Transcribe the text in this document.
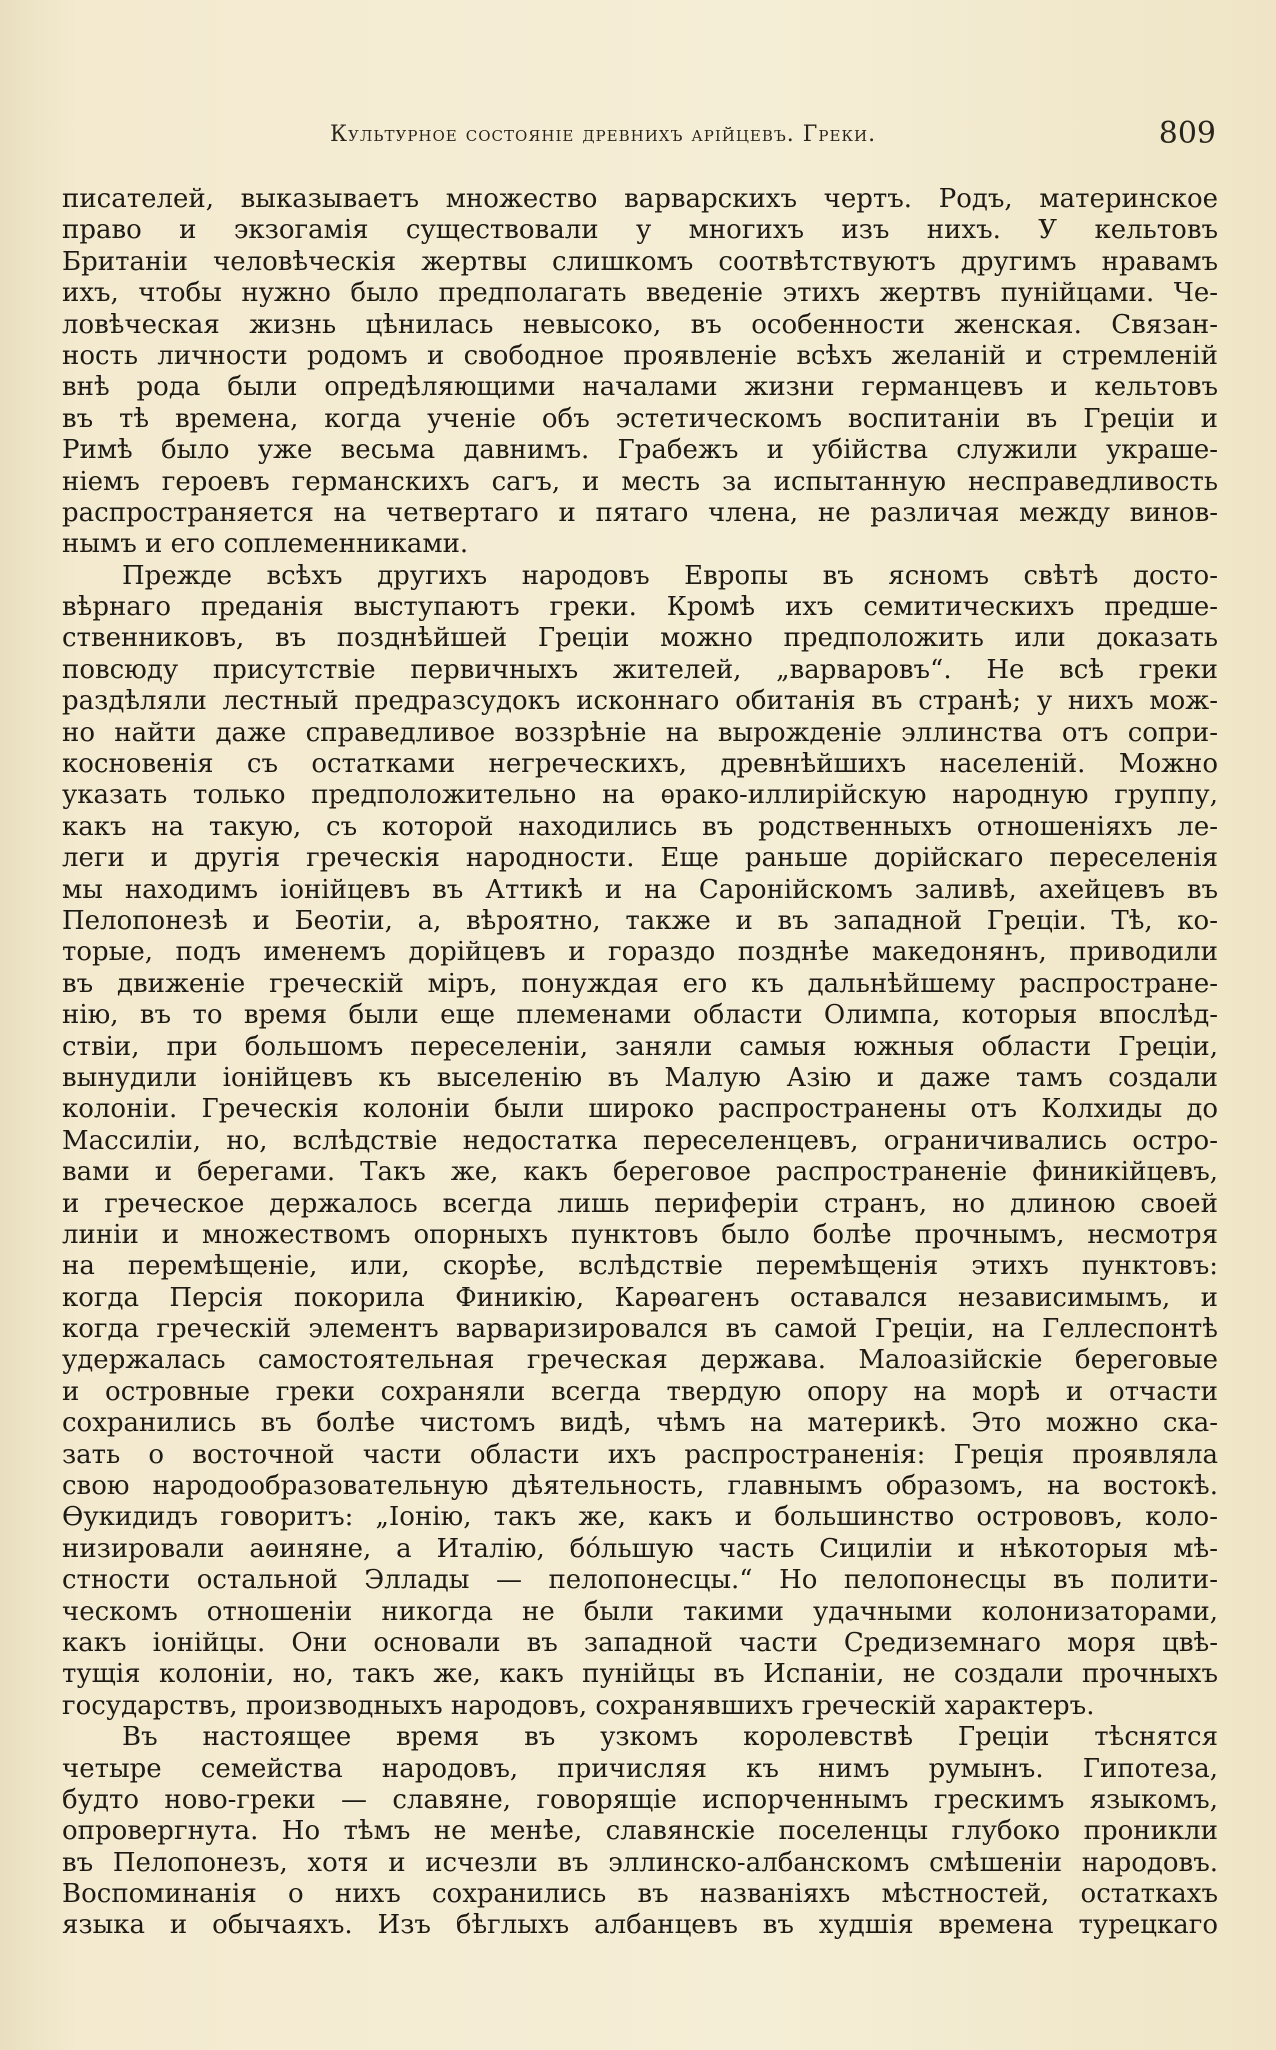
Культурное состоянiе древнихъ арiйцевъ. Греки.	809
писателей, выказываетъ множество варварскихъ чертъ. Родъ, материнское
право и экзогамiя существовали у многихъ изъ нихъ. У кельтовъ
Британiи человѣческiя жертвы слишкомъ соотвѣтствуютъ другимъ нравамъ
ихъ, чтобы нужно было предполагать введенiе этихъ жертвъ пунiйцами. Че-
ловѣческая жизнь цѣнилась невысоко, въ особенности женская. Связан-
ность личности родомъ и свободное проявленiе всѣхъ желанiй и стремленiй
внѣ рода были опредѣляющими началами жизни германцевъ и кельтовъ
въ тѣ времена, когда ученiе объ эстетическомъ воспитанiи въ Грецiи и
Римѣ было уже весьма давнимъ. Грабежъ и убiйства служили украше-
нiемъ героевъ германскихъ сагъ, и месть за испытанную несправедливость
распространяется на четвертаго и пятаго члена, не различая между винов-
нымъ и его соплеменниками.
Прежде всѣхъ другихъ народовъ Европы въ ясномъ свѣтѣ досто-
вѣрнаго преданiя выступаютъ греки. Кромѣ ихъ семитическихъ предше-
ственниковъ, въ позднѣйшей Грецiи можно предположить или доказать
повсюду присутствiе первичныхъ жителей, „варваровъ“. Не всѣ греки
раздѣляли лестный предразсудокъ исконнаго обитанiя въ странѣ; у нихъ мож-
но найти даже справедливое воззрѣнiе на вырожденiе эллинства отъ сопри-
косновенiя съ остатками негреческихъ, древнѣйшихъ населенiй. Можно
указать только предположительно на ѳрако-иллирiйскую народную группу,
какъ на такую, съ которой находились въ родственныхъ отношенiяхъ ле-
леги и другiя греческiя народности. Еще раньше дорiйскаго переселенiя
мы находимъ iонiйцевъ въ Аттикѣ и на Саронiйскомъ заливѣ, ахейцевъ въ
Пелопонезѣ и Беотiи, а, вѣроятно, также и въ западной Грецiи. Тѣ, ко-
торые, подъ именемъ дорiйцевъ и гораздо позднѣе македонянъ, приводили
въ движенiе греческiй мiръ, понуждая его къ дальнѣйшему распростране-
нiю, въ то время были еще племенами области Олимпа, которыя впослѣд-
ствiи, при большомъ переселенiи, заняли самыя южныя области Грецiи,
вынудили iонiйцевъ къ выселенiю въ Малую Азiю и даже тамъ создали
колонiи. Греческiя колонiи были широко распространены отъ Колхиды до
Массилiи, но, вслѣдствiе недостатка переселенцевъ, ограничивались остро-
вами и берегами. Такъ же, какъ береговое распространенiе финикiйцевъ,
и греческое держалось всегда лишь периферiи странъ, но длиною своей
линiи и множествомъ опорныхъ пунктовъ было болѣе прочнымъ, несмотря
на перемѣщенiе, или, скорѣе, вслѣдствiе перемѣщенiя этихъ пунктовъ:
когда Персiя покорила Финикiю, Карѳагенъ оставался независимымъ, и
когда греческiй элементъ варваризировался въ самой Грецiи, на Геллеспонтѣ
удержалась самостоятельная греческая держава. Малоазiйскiе береговые
и островные греки сохраняли всегда твердую опору на морѣ и отчасти
сохранились въ болѣе чистомъ видѣ, чѣмъ на материкѣ. Это можно ска-
зать о восточной части области ихъ распространенiя: Грецiя проявляла
свою народообразовательную дѣятельность, главнымъ образомъ, на востокѣ.
Ѳукидидъ говоритъ: „Iонiю, такъ же, какъ и большинство острововъ, коло-
низировали аѳиняне, а Италiю, бо́льшую часть Сицилiи и нѣкоторыя мѣ-
стности остальной Эллады — пелопонесцы.“ Но пелопонесцы въ полити-
ческомъ отношенiи никогда не были такими удачными колонизаторами,
какъ iонiйцы. Они основали въ западной части Средиземнаго моря цвѣ-
тущiя колонiи, но, такъ же, какъ пунiйцы въ Испанiи, не создали прочныхъ
государствъ, производныхъ народовъ, сохранявшихъ греческiй характеръ.
Въ настоящее время въ узкомъ королевствѣ Грецiи тѣснятся
четыре семейства народовъ, причисляя къ нимъ румынъ. Гипотеза,
будто ново-греки — славяне, говорящiе испорченнымъ грескимъ языкомъ,
опровергнута. Но тѣмъ не менѣе, славянскiе поселенцы глубоко проникли
въ Пелопонезъ, хотя и исчезли въ эллинско-албанскомъ смѣшенiи народовъ.
Воспоминанiя о нихъ сохранились въ названiяхъ мѣстностей, остаткахъ
языка и обычаяхъ. Изъ бѣглыхъ албанцевъ въ худшiя времена турецкаго
